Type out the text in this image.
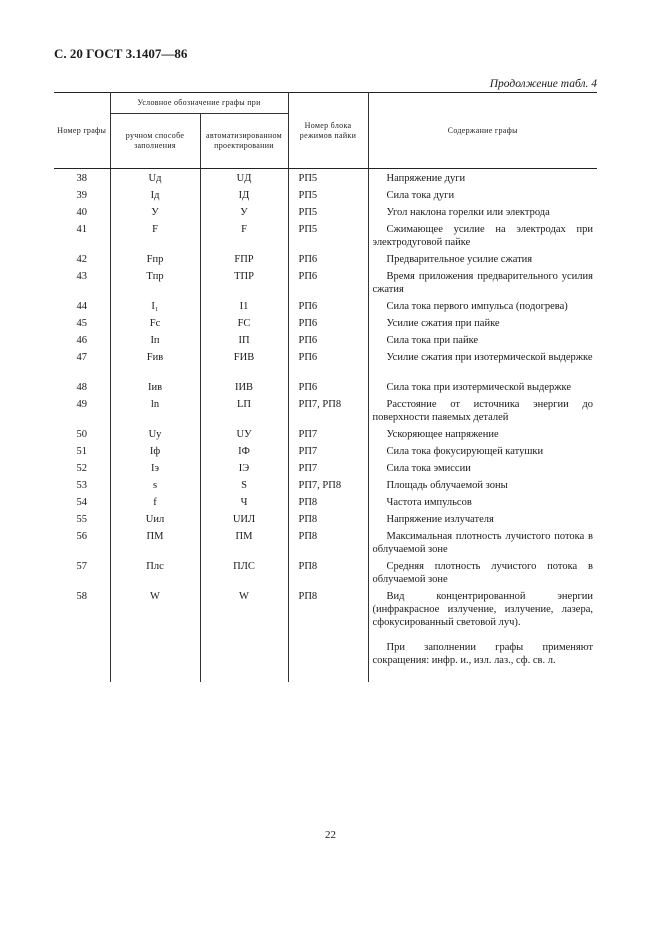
С. 20 ГОСТ 3.1407—86
Продолжение табл. 4
Номер графы	Условное обозначение графы при		Номер блока режимов пайки	Содержание графы
	ручном способе заполнения	автоматизированном проектировании		
38	Uд	UД	РП5	Напряжение дуги

39	Iд	IД	РП5	Сила тока дуги

40	У	У	РП5	Угол наклона горелки или электрода

41	F	F	РП5	Сжимающее усилие на электродах при электродуговой пайке

42	Fпр	FПР	РП6	Предварительное усилие сжатия

43	Tпр	TПР	РП6	Время приложения предварительного усилия сжатия

44	I₁	I1	РП6	Сила тока первого импульса (подогрева)

45	Fc	FC	РП6	Усилие сжатия при пайке

46	Iп	IП	РП6	Сила тока при пайке

47	Fив	FИВ	РП6	Усилие сжатия при изотермической выдержке

48	Iив	IИВ	РП6	Сила тока при изотермической выдержке

49	ln	LП	РП7, РП8	Расстояние от источника энергии до поверхности паяемых деталей

50	Uу	UУ	РП7	Ускоряющее напряжение

51	Iф	IФ	РП7	Сила тока фокусирующей катушки

52	Iэ	IЭ	РП7	Сила тока эмиссии

53	s	S	РП7, РП8	Площадь облучаемой зоны

54	f	Ч	РП8	Частота импульсов

55	Uил	UИЛ	РП8	Напряжение излучателя

56	ПМ	ПМ	РП8	Максимальная плотность лучистого потока в облучаемой зоне

57	Плс	ПЛС	РП8	Средняя плотность лучистого потока в облучаемой зоне

58	W	W	РП8	Вид концентрированной энергии (инфракрасное излучение, излучение, лазера, сфокусированный световой луч).

				При заполнении графы применяют сокращения: инфр. и., изл. лаз., сф. св. л.
22
